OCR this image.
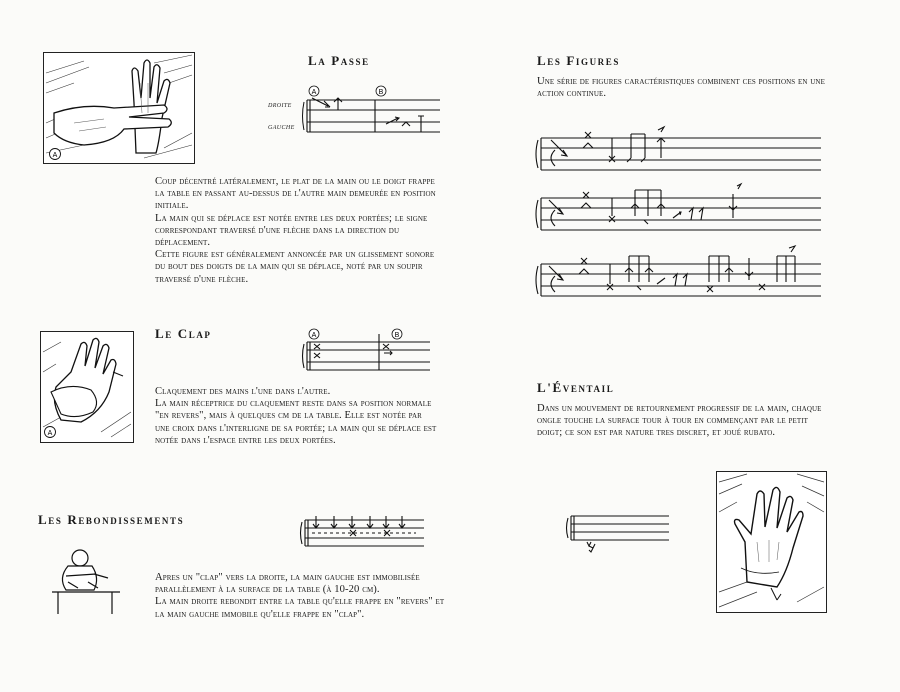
A
La Passe
droite
gauche
A	B

Coup décentré latéralement, le plat de la main ou le doigt frappe la table en passant au-dessus de l'autre main demeurée en position initiale.

La main qui se déplace est notée entre les deux portées; le signe correspondant traversé d'une flèche dans la direction du déplacement.

Cette figure est généralement annoncée par un glissement sonore du bout des doigts de la main qui se déplace, noté par un soupir traversé d'une flèche.

A
Le Clap	A	B

Claquement des mains l'une dans l'autre.

La main réceptrice du claquement reste dans sa position normale "en revers", mais à quelques cm de la table. Elle est notée par une croix dans l'interligne de sa portée; la main qui se déplace est notée dans l'espace entre les deux portées.

Les Rebondissements

Apres un "clap" vers la droite, la main gauche est immobilisée parallèlement à la surface de la table (à 10-20 cm).

La main droite rebondit entre la table qu'elle frappe en "revers" et la main gauche immobile qu'elle frappe en "clap".

Les Figures

Une série de figures caractéristiques combinent ces positions en une action continue.

L'Éventail

Dans un mouvement de retournement progressif de la main, chaque ongle touche la surface tour à tour en commençant par le petit doigt; ce son est par nature tres discret, et joué rubato.
